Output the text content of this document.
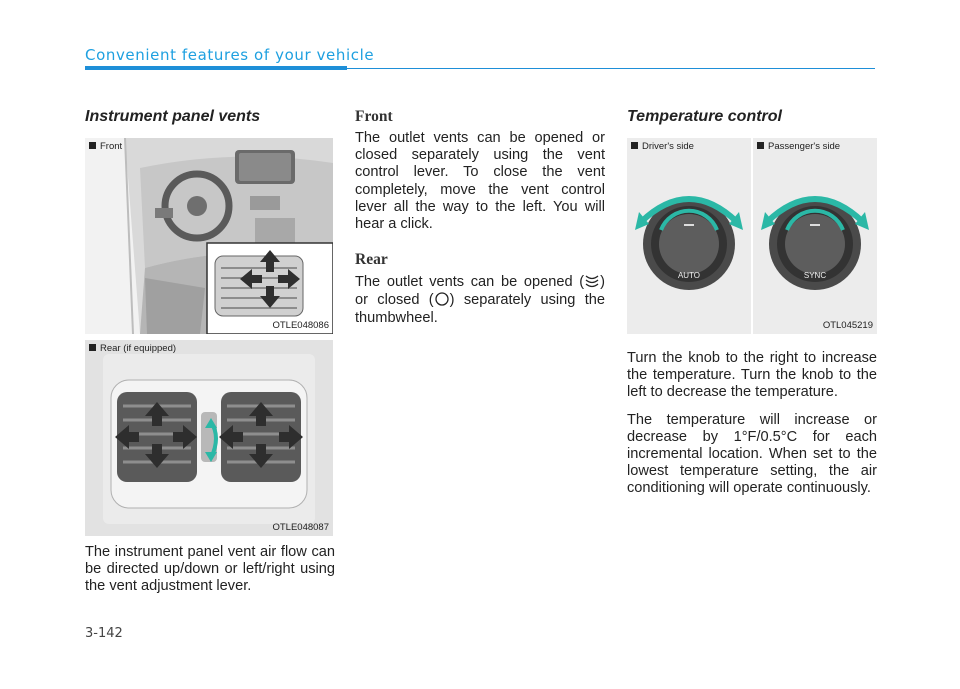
Convenient features of your vehicle
Instrument panel vents
Front
OTLE048086
Rear (if equipped)
OTLE048087

The instrument panel vent air flow can be directed up/down or left/right using the vent adjustment lever.

Front

The outlet vents can be opened or closed separately using the vent control lever. To close the vent completely, move the vent control lever all the way to the left. You will hear a click.

Rear

The outlet vents can be opened ( ) or closed ( ) separately using the thumbwheel.

Temperature control
Driver's side
AUTO
Passenger's side
SYNC
OTL045219

Turn the knob to the right to increase the temperature. Turn the knob to the left to decrease the temperature.

The temperature will increase or decrease by 1°F/0.5°C for each incremental location. When set to the lowest temperature setting, the air conditioning will operate continuously.

3-142
